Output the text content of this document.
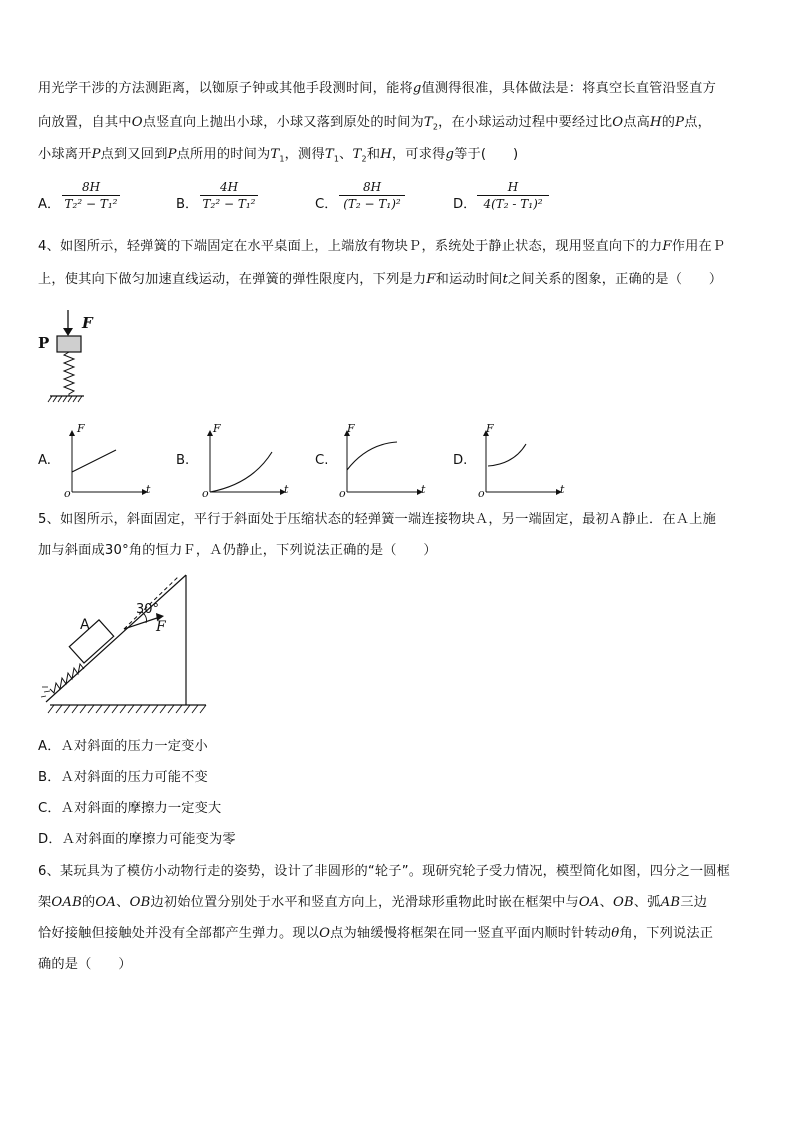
用光学干涉的方法测距离，以铷原子钟或其他手段测时间，能将g值测得很准，具体做法是：将真空长直管沿竖直方
向放置，自其中O点竖直向上抛出小球，小球又落到原处的时间为$T_2$，在小球运动过程中要经过比O点高H的P点，
小球离开P点到又回到P点所用的时间为$T_1$，测得$T_1$、$T_2$和H，可求得g等于(　　)
A． $\frac{8H}{\text{T₂² − T₁²}}$	B． $\frac{4H}{\text{T₂² − T₁²}}$	C． $\frac{8H}{\text{(T₂ − T₁)²}}$	D． $\frac{H}{\text{4(T₂ - T₁)²}}$
4、如图所示，轻弹簧的下端固定在水平桌面上，上端放有物块Ｐ，系统处于静止状态，现用竖直向下的力F作用在Ｐ
上，使其向下做匀加速直线运动，在弹簧的弹性限度内，下列是力F和运动时间t之间关系的图象，正确的是（　　）
P
F
A.
F
t
o
B.
F
t
o
C.
F
t
o
D.
F
t
o
5、如图所示，斜面固定，平行于斜面处于压缩状态的轻弹簧一端连接物块Ａ，另一端固定，最初Ａ静止．在Ａ上施
加与斜面成30°角的恒力Ｆ，Ａ仍静止，下列说法正确的是（　　）
A
30°
F
A．Ａ对斜面的压力一定变小
B．Ａ对斜面的压力可能不变
C．Ａ对斜面的摩擦力一定变大
D．Ａ对斜面的摩擦力可能变为零
6、某玩具为了模仿小动物行走的姿势，设计了非圆形的“轮子”。现研究轮子受力情况，模型简化如图，四分之一圆框
架OAB的OA、OB边初始位置分别处于水平和竖直方向上，光滑球形重物此时嵌在框架中与OA、OB、弧AB三边
恰好接触但接触处并没有全部都产生弹力。现以O点为轴缓慢将框架在同一竖直平面内顺时针转动θ角，下列说法正
确的是（　　）
